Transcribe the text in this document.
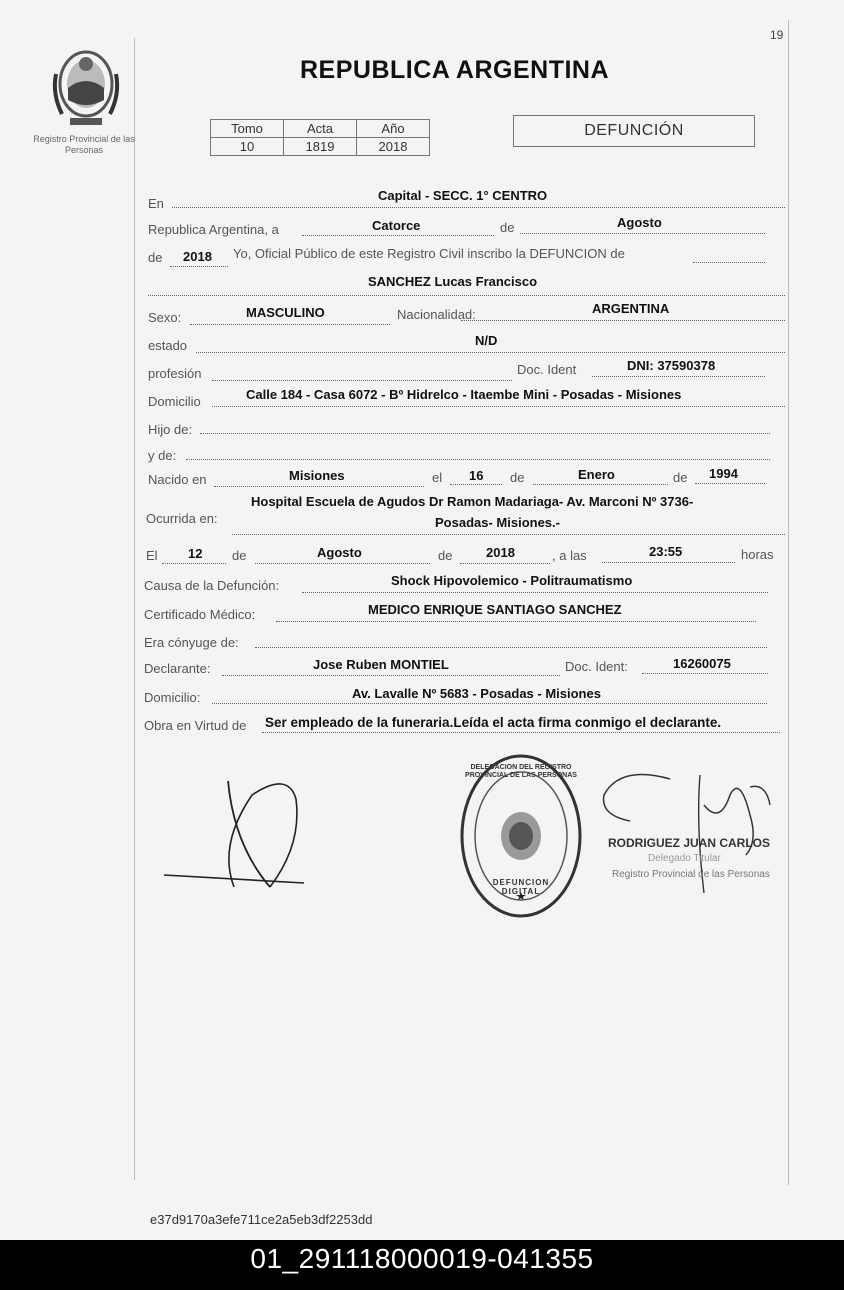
19
Registro Provincial de las Personas
REPUBLICA ARGENTINA
Tomo	Acta	Año
10	1819	2018
DEFUNCIÓN
En
Capital - SECC. 1° CENTRO
Republica Argentina, a	Catorce	de	Agosto
de 2018 Yo, Oficial Público de este Registro Civil inscribo la DEFUNCION de
SANCHEZ Lucas Francisco
Sexo:	MASCULINO	Nacionalidad:	ARGENTINA
estado	N/D
profesión	Doc. Ident	DNI: 37590378
Domicilio	Calle 184 - Casa 6072 - Bº Hidrelco - Itaembe Mini - Posadas - Misiones
Hijo de:
y de:
Nacido en	Misiones	el 16 de	Enero	de 1994
Ocurrida en:
Hospital Escuela de Agudos Dr Ramon Madariaga- Av. Marconi Nº 3736-
Posadas- Misiones.-
El 12 de	Agosto	de	2018	, a las	23:55	horas
Causa de la Defunción:	Shock Hipovolemico - Politraumatismo
Certificado Médico:	MEDICO ENRIQUE SANTIAGO SANCHEZ
Era cónyuge de:
Declarante:	Jose Ruben MONTIEL	Doc. Ident:	16260075
Domicilio:	Av. Lavalle Nº 5683 - Posadas - Misiones
Obra en Virtud de Ser empleado de la funeraria.Leída el acta firma conmigo el declarante.
DELEGACION DEL REGISTRO PROVINCIAL DE LAS PERSONAS
DEFUNCION DIGITAL
RODRIGUEZ JUAN CARLOS
Delegado Titular
Registro Provincial de las Personas
e37d9170a3efe711ce2a5eb3df2253dd
01_291118000019-041355
